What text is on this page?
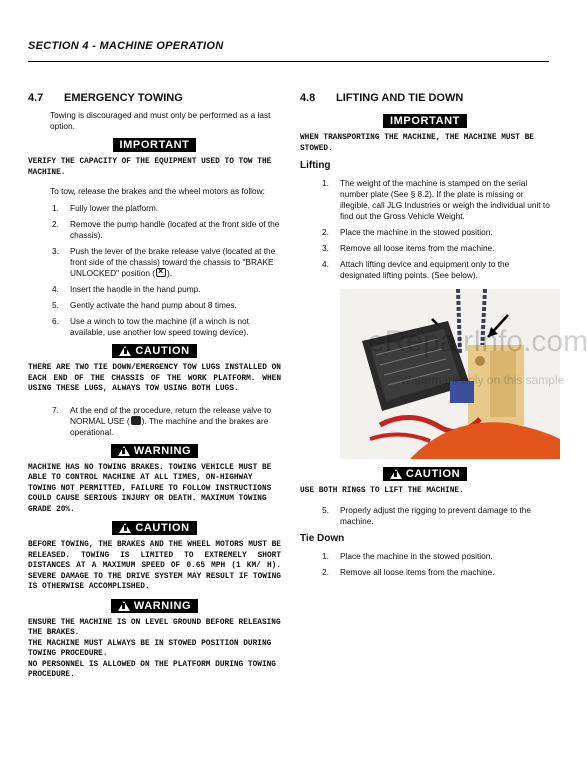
SECTION 4 - MACHINE OPERATION
4.7	EMERGENCY TOWING
Towing is discouraged and must only be performed as a last option.
IMPORTANT
VERIFY THE CAPACITY OF THE EQUIPMENT USED TO TOW THE MACHINE.
To tow, release the brakes and the wheel motors as follow:
1.	Fully lower the platform.
2.	Remove the pump handle (located at the front side of the chassis).
3.	Push the lever of the brake release valve (located at the front side of the chassis) toward the chassis to "BRAKE UNLOCKED" position (× ).
4.	Insert the handle in the hand pump.
5.	Gently activate the hand pump about 8 times.
6.	Use a winch to tow the machine (if a winch is not available, use another low speed towing device).
CAUTION
THERE ARE TWO TIE DOWN/EMERGENCY TOW LUGS INSTALLED ON EACH END OF THE CHASSIS OF THE WORK PLATFORM. WHEN USING THESE LUGS, ALWAYS TOW USING BOTH LUGS.
7.	At the end of the procedure, return the release valve to NORMAL USE ( ). The machine and the brakes are operational.
WARNING
MACHINE HAS NO TOWING BRAKES. TOWING VEHICLE MUST BE ABLE TO CONTROL MACHINE AT ALL TIMES, ON-HIGHWAY TOWING NOT PERMITTED, FAILURE TO FOLLOW INSTRUCTIONS COULD CAUSE SERIOUS INJURY OR DEATH. MAXIMUM TOWING GRADE 20%.
CAUTION
BEFORE TOWING, THE BRAKES AND THE WHEEL MOTORS MUST BE RELEASED. TOWING IS LIMITED TO EXTREMELY SHORT DISTANCES AT A MAXIMUM SPEED OF 0.65 MPH (1 KM/ H). SEVERE DAMAGE TO THE DRIVE SYSTEM MAY RESULT IF TOWING IS OTHERWISE ACCOMPLISHED.
WARNING
ENSURE THE MACHINE IS ON LEVEL GROUND BEFORE RELEASING THE BRAKES.
THE MACHINE MUST ALWAYS BE IN STOWED POSITION DURING TOWING PROCEDURE.
NO PERSONNEL IS ALLOWED ON THE PLATFORM DURING TOWING PROCEDURE.
4.8	LIFTING AND TIE DOWN
IMPORTANT
WHEN TRANSPORTING THE MACHINE, THE MACHINE MUST BE STOWED.
Lifting
1.	The weight of the machine is stamped on the serial number plate (See § 8.2). If the plate is missing or illegible, call JLG Industries or weigh the individual unit to find out the Gross Vehicle Weight.
2.	Place the machine in the stowed position.
3.	Remove all loose items from the machine.
4.	Attach lifting device and equipment only to the designated lifting points. (See below).
eRepairInfo.com
Watermark only on this sample
CAUTION
USE BOTH RINGS TO LIFT THE MACHINE.
5.	Properly adjust the rigging to prevent damage to the machine.
Tie Down
1.	Place the machine in the stowed position.
2.	Remove all loose items from the machine.
